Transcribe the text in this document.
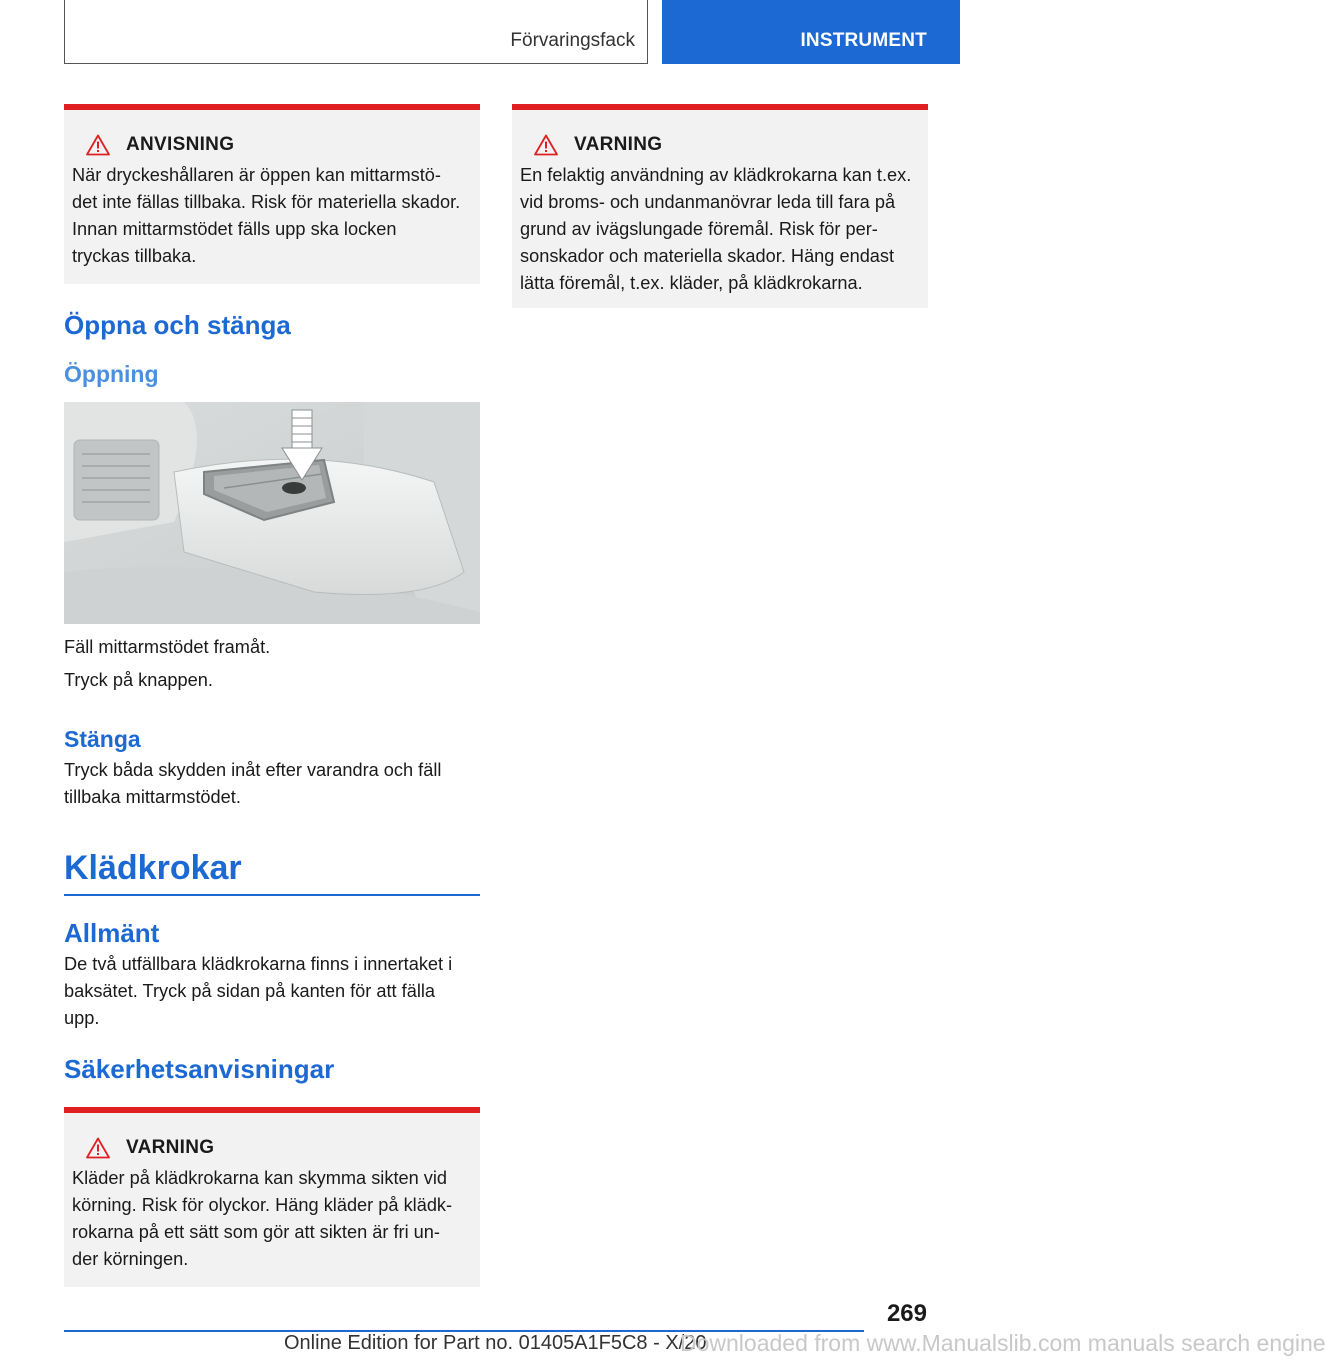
Förvaringsfack	INSTRUMENT
ANVISNING
När dryckeshållaren är öppen kan mittarmstö-
det inte fällas tillbaka. Risk för materiella skador.
Innan mittarmstödet fälls upp ska locken
tryckas tillbaka.
Öppna och stänga
Öppning

Fäll mittarmstödet framåt.

Tryck på knappen.

Stänga

Tryck båda skydden inåt efter varandra och fäll
tillbaka mittarmstödet.

Klädkrokar
Allmänt

De två utfällbara klädkrokarna finns i innertaket i
baksätet. Tryck på sidan på kanten för att fälla
upp.

Säkerhetsanvisningar
VARNING
Kläder på klädkrokarna kan skymma sikten vid
körning. Risk för olyckor. Häng kläder på klädk-
rokarna på ett sätt som gör att sikten är fri un-
der körningen.
VARNING
En felaktig användning av klädkrokarna kan t.ex.
vid broms- och undanmanövrar leda till fara på
grund av ivägslungade föremål. Risk för per-
sonskador och materiella skador. Häng endast
lätta föremål, t.ex. kläder, på klädkrokarna.
269
Online Edition for Part no. 01405A1F5C8 - X/20
Downloaded from www.Manualslib.com manuals search engine
